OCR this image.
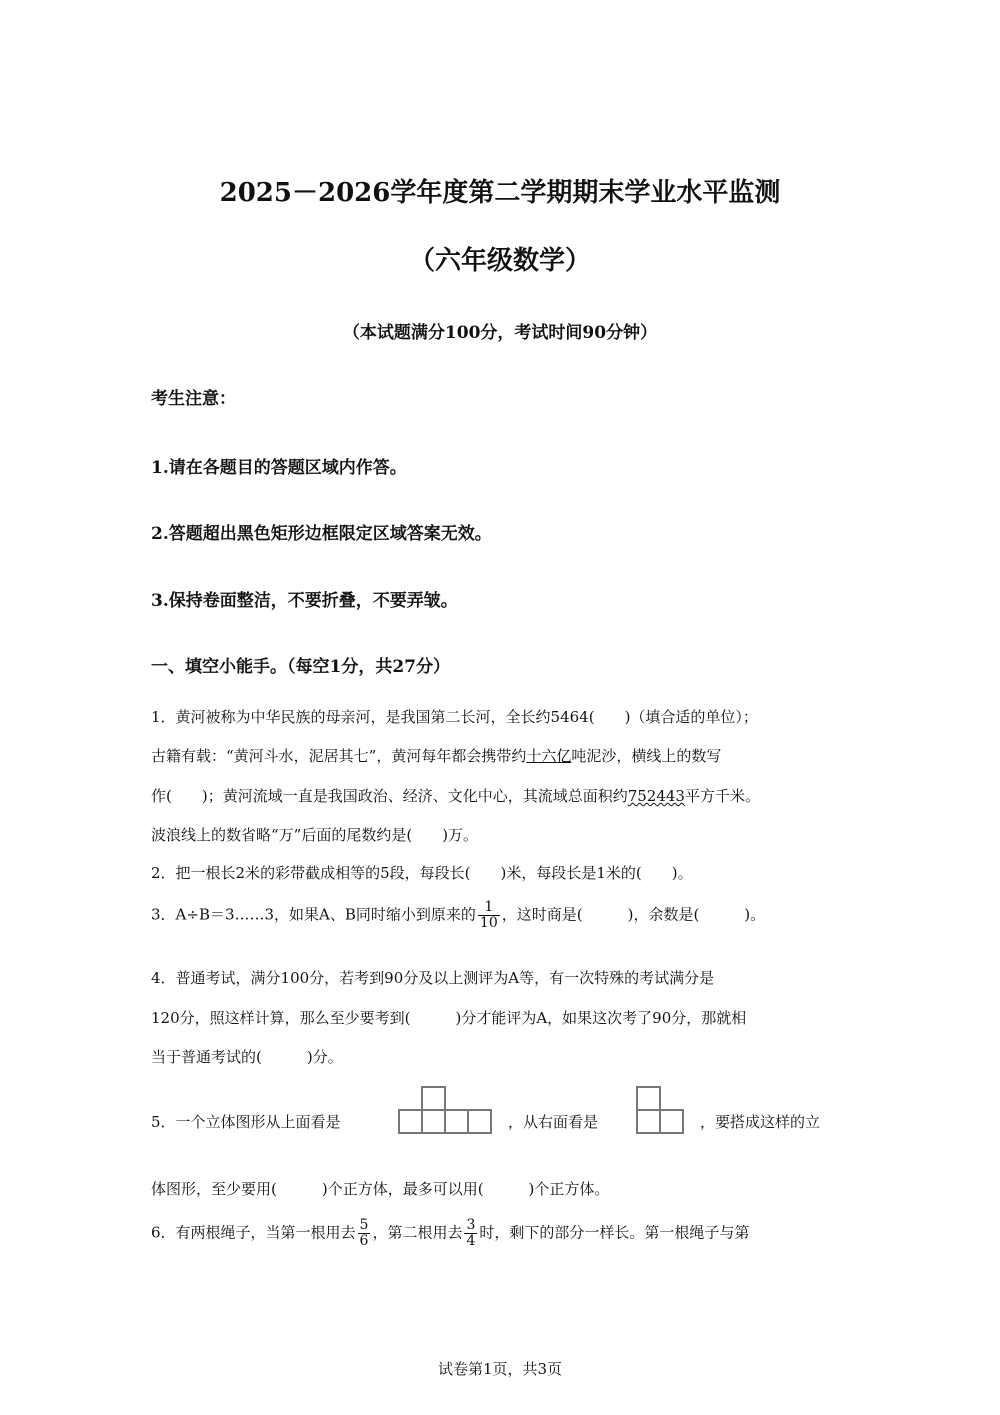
2025－2026学年度第二学期期末学业水平监测
（六年级数学）
（本试题满分100分，考试时间90分钟）
考生注意：
1.请在各题目的答题区域内作答。
2.答题超出黑色矩形边框限定区域答案无效。
3.保持卷面整洁，不要折叠，不要弄皱。
一、填空小能手。（每空1分，共27分）
1．黄河被称为中华民族的母亲河，是我国第二长河，全长约5464(　　)（填合适的单位）；
古籍有载：“黄河斗水，泥居其七”，黄河每年都会携带约十六亿吨泥沙，横线上的数写
作(　　)；黄河流域一直是我国政治、经济、文化中心，其流域总面积约752443平方千米。
波浪线上的数省略“万”后面的尾数约是(　　)万。
2．把一根长2米的彩带截成相等的5段，每段长(　　)米，每段长是1米的(　　)。
3．A÷B＝3……3，如果A、B同时缩小到原来的 $\frac{1}{10}$ ，这时商是(　　　)，余数是(　　　)。
4．普通考试，满分100分，若考到90分及以上测评为A等，有一次特殊的考试满分是
120分，照这样计算，那么至少要考到(　　　)分才能评为A，如果这次考了90分，那就相
当于普通考试的(　　　)分。
5．一个立体图形从上面看是	，从右面看是	，要搭成这样的立
体图形，至少要用(　　　)个正方体，最多可以用(　　　)个正方体。
6．有两根绳子，当第一根用去 $\frac{5}{6}$ ，第二根用去 $\frac{3}{4}$ 时，剩下的部分一样长。第一根绳子与第
试卷第1页，共3页
